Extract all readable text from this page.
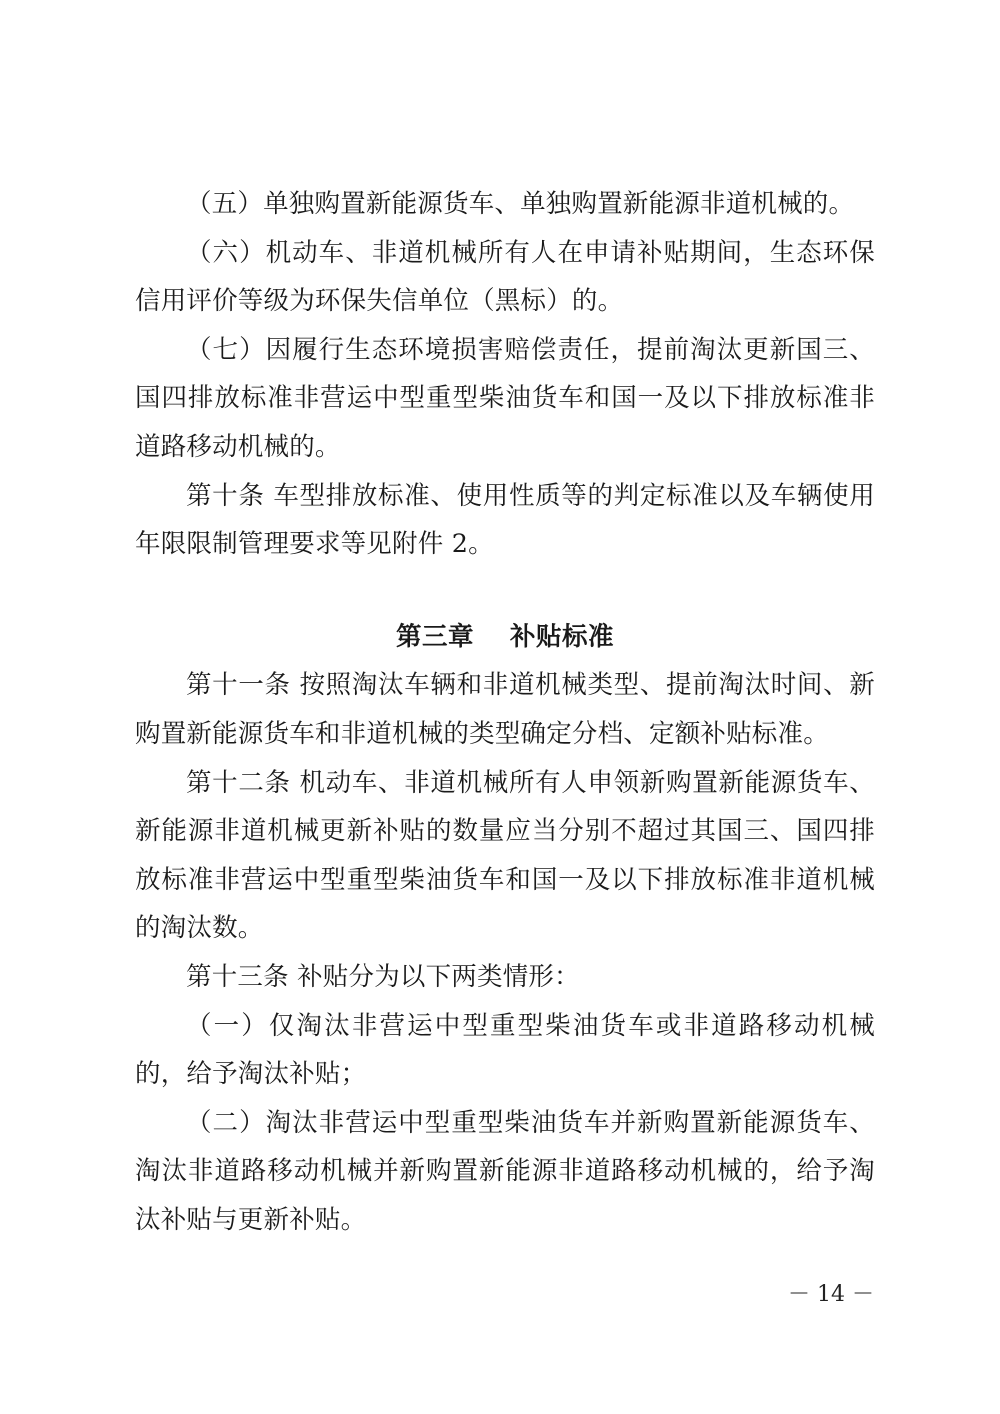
（五）单独购置新能源货车、单独购置新能源非道机械的。

（六）机动车、非道机械所有人在申请补贴期间，生态环保信用评价等级为环保失信单位（黑标）的。

（七）因履行生态环境损害赔偿责任，提前淘汰更新国三、国四排放标准非营运中型重型柴油货车和国一及以下排放标准非道路移动机械的。

第十条 车型排放标准、使用性质等的判定标准以及车辆使用年限限制管理要求等见附件 2。

第三章 补贴标准

第十一条 按照淘汰车辆和非道机械类型、提前淘汰时间、新购置新能源货车和非道机械的类型确定分档、定额补贴标准。

第十二条 机动车、非道机械所有人申领新购置新能源货车、新能源非道机械更新补贴的数量应当分别不超过其国三、国四排放标准非营运中型重型柴油货车和国一及以下排放标准非道机械的淘汰数。

第十三条 补贴分为以下两类情形：

（一）仅淘汰非营运中型重型柴油货车或非道路移动机械的，给予淘汰补贴；

（二）淘汰非营运中型重型柴油货车并新购置新能源货车、淘汰非道路移动机械并新购置新能源非道路移动机械的，给予淘汰补贴与更新补贴。

－ 14 －
